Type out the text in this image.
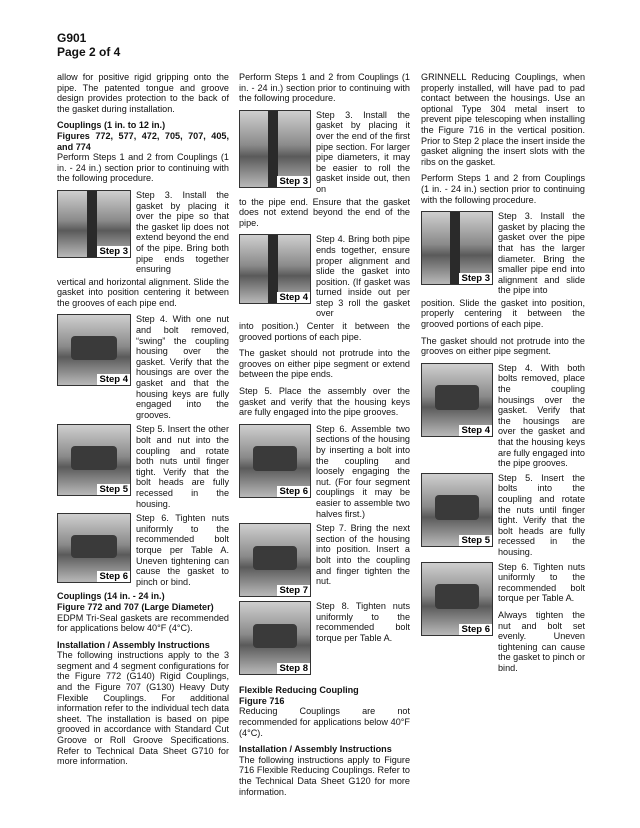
G901
Page 2 of 4

allow for positive rigid gripping onto the pipe. The patented tongue and groove design provides protection to the back of the gasket during installation.

Couplings (1 in. to 12 in.)

Figures 772, 577, 472, 705, 707, 405, and 774

Perform Steps 1 and 2 from Couplings (1 in. - 24 in.) section prior to continuing with the following procedure.

Step 3
Step 3. Install the gasket by placing it over the pipe so that the gasket lip does not extend beyond the end of the pipe. Bring both pipe ends together ensuring

vertical and horizontal alignment. Slide the gasket into position centering it between the grooves of each pipe end.

Step 4
Step 4. With one nut and bolt removed, “swing” the coupling housing over the gasket. Verify that the housings are over the gasket and that the housing keys are fully engaged into the grooves.
Step 5
Step 5. Insert the other bolt and nut into the coupling and rotate both nuts until finger tight. Verify that the bolt heads are fully recessed in the housing.
Step 6
Step 6. Tighten nuts uniformly to the recommended bolt torque per Table A. Uneven tightening can cause the gasket to pinch or bind.

Couplings (14 in. - 24 in.)

Figure 772 and 707 (Large Diameter)

EDPM Tri-Seal gaskets are recommended for applications below 40°F (4°C).

Installation / Assembly Instructions

The following instructions apply to the 3 segment and 4 segment configurations for the Figure 772 (G140) Rigid Couplings, and the Figure 707 (G130) Heavy Duty Flexible Couplings. For additional information refer to the individual tech data sheet. The installation is based on pipe grooved in accordance with Standard Cut Groove or Roll Groove Specifications. Refer to Technical Data Sheet G710 for more information.

Perform Steps 1 and 2 from Couplings (1 in. - 24 in.) section prior to continuing with the following procedure.

Step 3
Step 3. Install the gasket by placing it over the end of the first pipe section. For larger pipe diameters, it may be easier to roll the gasket inside out, then on

to the pipe end. Ensure that the gasket does not extend beyond the end of the pipe.

Step 4
Step 4. Bring both pipe ends together, ensure proper alignment and slide the gasket into position. (If gasket was turned inside out per step 3 roll the gasket over

into position.) Center it between the grooved portions of each pipe.

The gasket should not protrude into the grooves on either pipe segment or extend between the pipe ends.

Step 5. Place the assembly over the gasket and verify that the housing keys are fully engaged into the pipe grooves.

Step 6
Step 6. Assemble two sections of the housing by inserting a bolt into the coupling and loosely engaging the nut. (For four segment couplings it may be easier to assemble two halves first.)
Step 7
Step 7. Bring the next section of the housing into position. Insert a bolt into the coupling and finger tighten the nut.
Step 8
Step 8. Tighten nuts uniformly to the recommended bolt torque per Table A.

Flexible Reducing Coupling

Figure 716

Reducing Couplings are not recommended for applications below 40°F (4°C).

Installation / Assembly Instructions

The following instructions apply to Figure 716 Flexible Reducing Couplings. Refer to the Technical Data Sheet G120 for more information.

GRINNELL Reducing Couplings, when properly installed, will have pad to pad contact between the housings. Use an optional Type 304 metal insert to prevent pipe telescoping when installing the Figure 716 in the vertical position. Prior to Step 2 place the insert inside the gasket aligning the insert slots with the ribs on the gasket.

Perform Steps 1 and 2 from Couplings (1 in. - 24 in.) section prior to continuing with the following procedure.

Step 3
Step 3. Install the gasket by placing the gasket over the pipe that has the larger diameter. Bring the smaller pipe end into alignment and slide the pipe into

position. Slide the gasket into position, properly centering it between the grooved portions of each pipe.

The gasket should not protrude into the grooves on either pipe segment.

Step 4
Step 4. With both bolts removed, place the coupling housings over the gasket. Verify that the housings are over the gasket and that the housing keys are fully engaged into the pipe grooves.
Step 5
Step 5. Insert the bolts into the coupling and rotate the nuts until finger tight. Verify that the bolt heads are fully recessed in the housing.
Step 6

Step 6. Tighten nuts uniformly to the recommended bolt torque per Table A.

Always tighten the nut and bolt set evenly. Uneven tightening can cause the gasket to pinch or bind.
